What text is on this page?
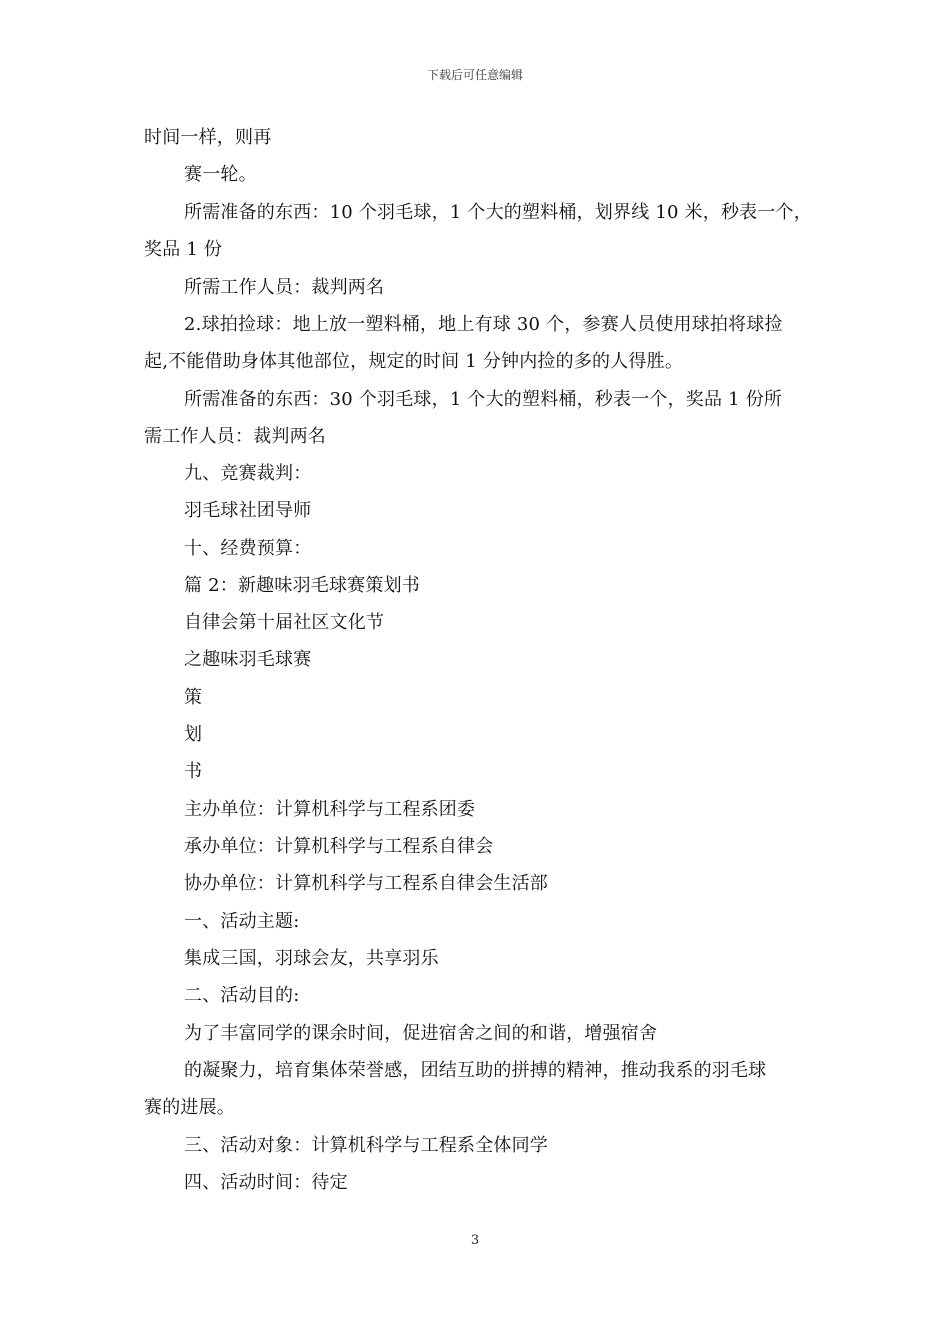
下载后可任意编辑
时间一样，则再
赛一轮。
所需准备的东西：10 个羽毛球，1 个大的塑料桶，划界线 10 米，秒表一个，
奖品 1 份
所需工作人员：裁判两名
2.球拍捡球：地上放一塑料桶，地上有球 30 个，参赛人员使用球拍将球捡
起,不能借助身体其他部位，规定的时间 1 分钟内捡的多的人得胜。
所需准备的东西：30 个羽毛球，1 个大的塑料桶，秒表一个，奖品 1 份所
需工作人员：裁判两名
九、竞赛裁判：
羽毛球社团导师
十、经费预算：
篇 2：新趣味羽毛球赛策划书
自律会第十届社区文化节
之趣味羽毛球赛
策
划
书
主办单位：计算机科学与工程系团委
承办单位：计算机科学与工程系自律会
协办单位：计算机科学与工程系自律会生活部
一、活动主题:
集成三国，羽球会友，共享羽乐
二、活动目的:
为了丰富同学的课余时间，促进宿舍之间的和谐，增强宿舍
的凝聚力，培育集体荣誉感，团结互助的拼搏的精神，推动我系的羽毛球
赛的进展。
三、活动对象：计算机科学与工程系全体同学
四、活动时间：待定
3
